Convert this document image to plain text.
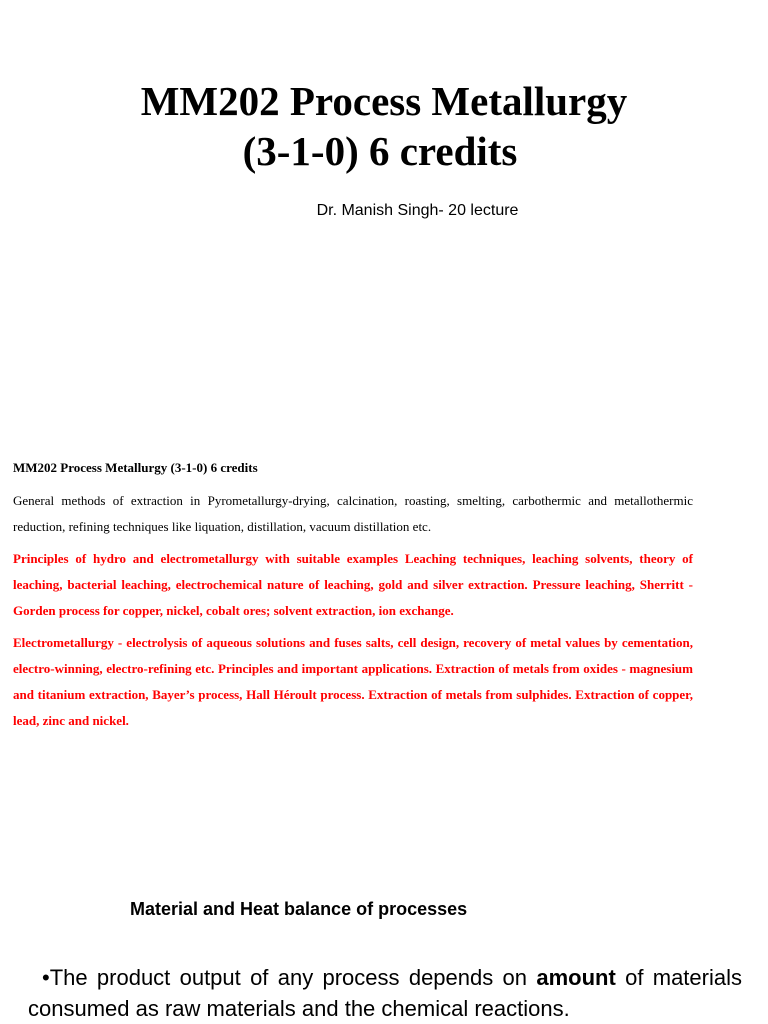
MM202 Process Metallurgy
(3-1-0) 6 credits
Dr. Manish Singh- 20 lecture
MM202 Process Metallurgy (3-1-0) 6 credits

General methods of extraction in Pyrometallurgy-drying, calcination, roasting, smelting, carbothermic and metallothermic reduction, refining techniques like liquation, distillation, vacuum distillation etc.

Principles of hydro and electrometallurgy with suitable examples Leaching techniques, leaching solvents, theory of leaching, bacterial leaching, electrochemical nature of leaching, gold and silver extraction. Pressure leaching, Sherritt - Gorden process for copper, nickel, cobalt ores; solvent extraction, ion exchange.

Electrometallurgy - electrolysis of aqueous solutions and fuses salts, cell design, recovery of metal values by cementation, electro-winning, electro-refining etc. Principles and important applications. Extraction of metals from oxides - magnesium and titanium extraction, Bayer’s process, Hall Héroult process. Extraction of metals from sulphides. Extraction of copper, lead, zinc and nickel.

Material and Heat balance of processes
•The product output of any process depends on amount of materials consumed as raw materials and the chemical reactions.
